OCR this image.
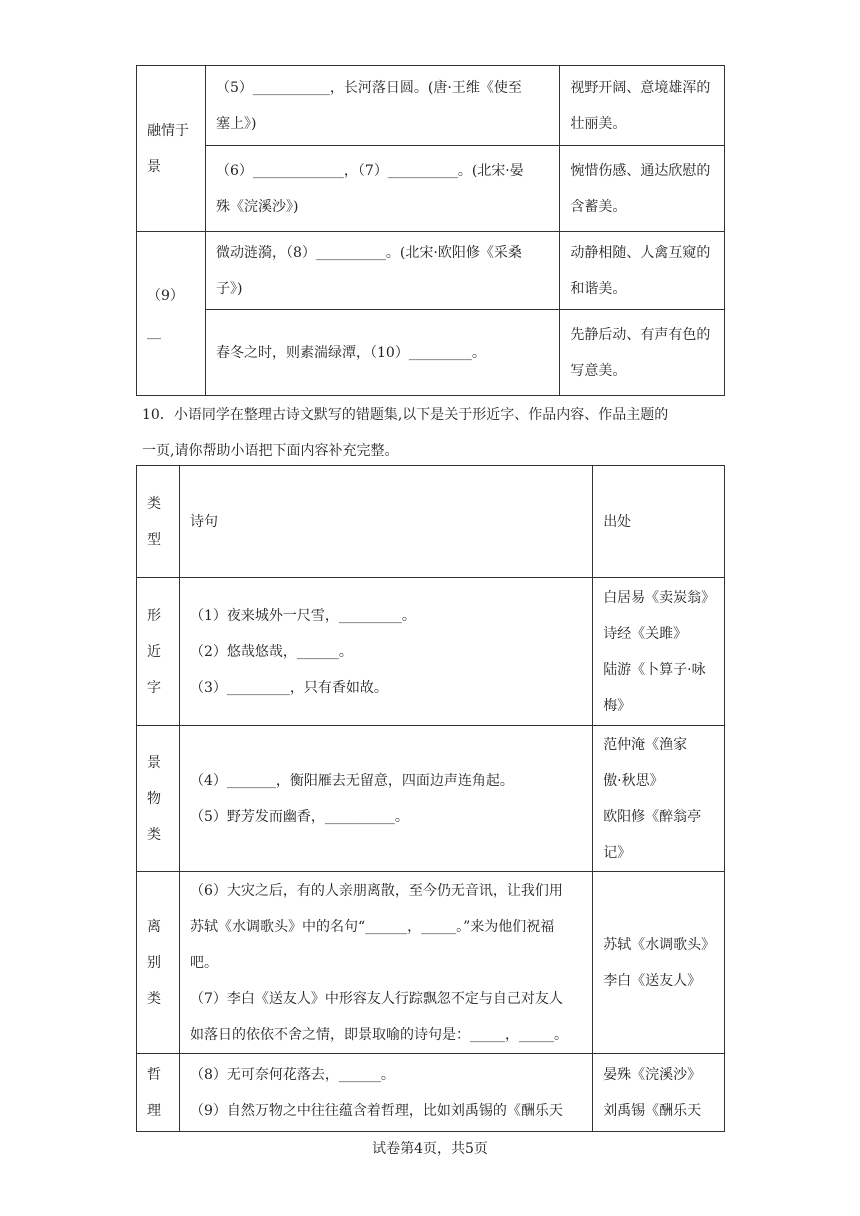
融情于景	（5）___________，长河落日圆。(唐·王维《使至
塞上》)	视野开阔、意境雄浑的
壮丽美。

	（6）_____________，（7）__________。(北宋·晏
殊《浣溪沙》)	惋惜伤感、通达欣慰的
含蓄美。

（9）__	微动涟漪，（8）__________。(北宋·欧阳修《采桑
子》)	动静相随、人禽互窥的
和谐美。

	春冬之时，则素湍绿潭，（10）_________。	先静后动、有声有色的
写意美。
10．小语同学在整理古诗文默写的错题集,以下是关于形近字、作品内容、作品主题的
一页,请你帮助小语把下面内容补充完整。
类
型	诗句	出处

形
近
字	（1）夜来城外一尺雪，_________。
（2）悠哉悠哉，______。
（3）_________，只有香如故。	白居易《卖炭翁》
诗经《关雎》
陆游《卜算子·咏
梅》

景
物
类	（4）_______，衡阳雁去无留意，四面边声连角起。
（5）野芳发而幽香，__________。	范仲淹《渔家
傲·秋思》
欧阳修《醉翁亭
记》

离
别
类	（6）大灾之后，有的人亲朋离散，至今仍无音讯，让我们用
苏轼《水调歌头》中的名句“______，_____。”来为他们祝福
吧。
（7）李白《送友人》中形容友人行踪飘忽不定与自己对友人
如落日的依依不舍之情，即景取喻的诗句是：_____，_____。	苏轼《水调歌头》
李白《送友人》

哲
理	（8）无可奈何花落去，______。
（9）自然万物之中往往蕴含着哲理，比如刘禹锡的《酬乐天	晏殊《浣溪沙》
刘禹锡《酬乐天
试卷第4页，共5页
